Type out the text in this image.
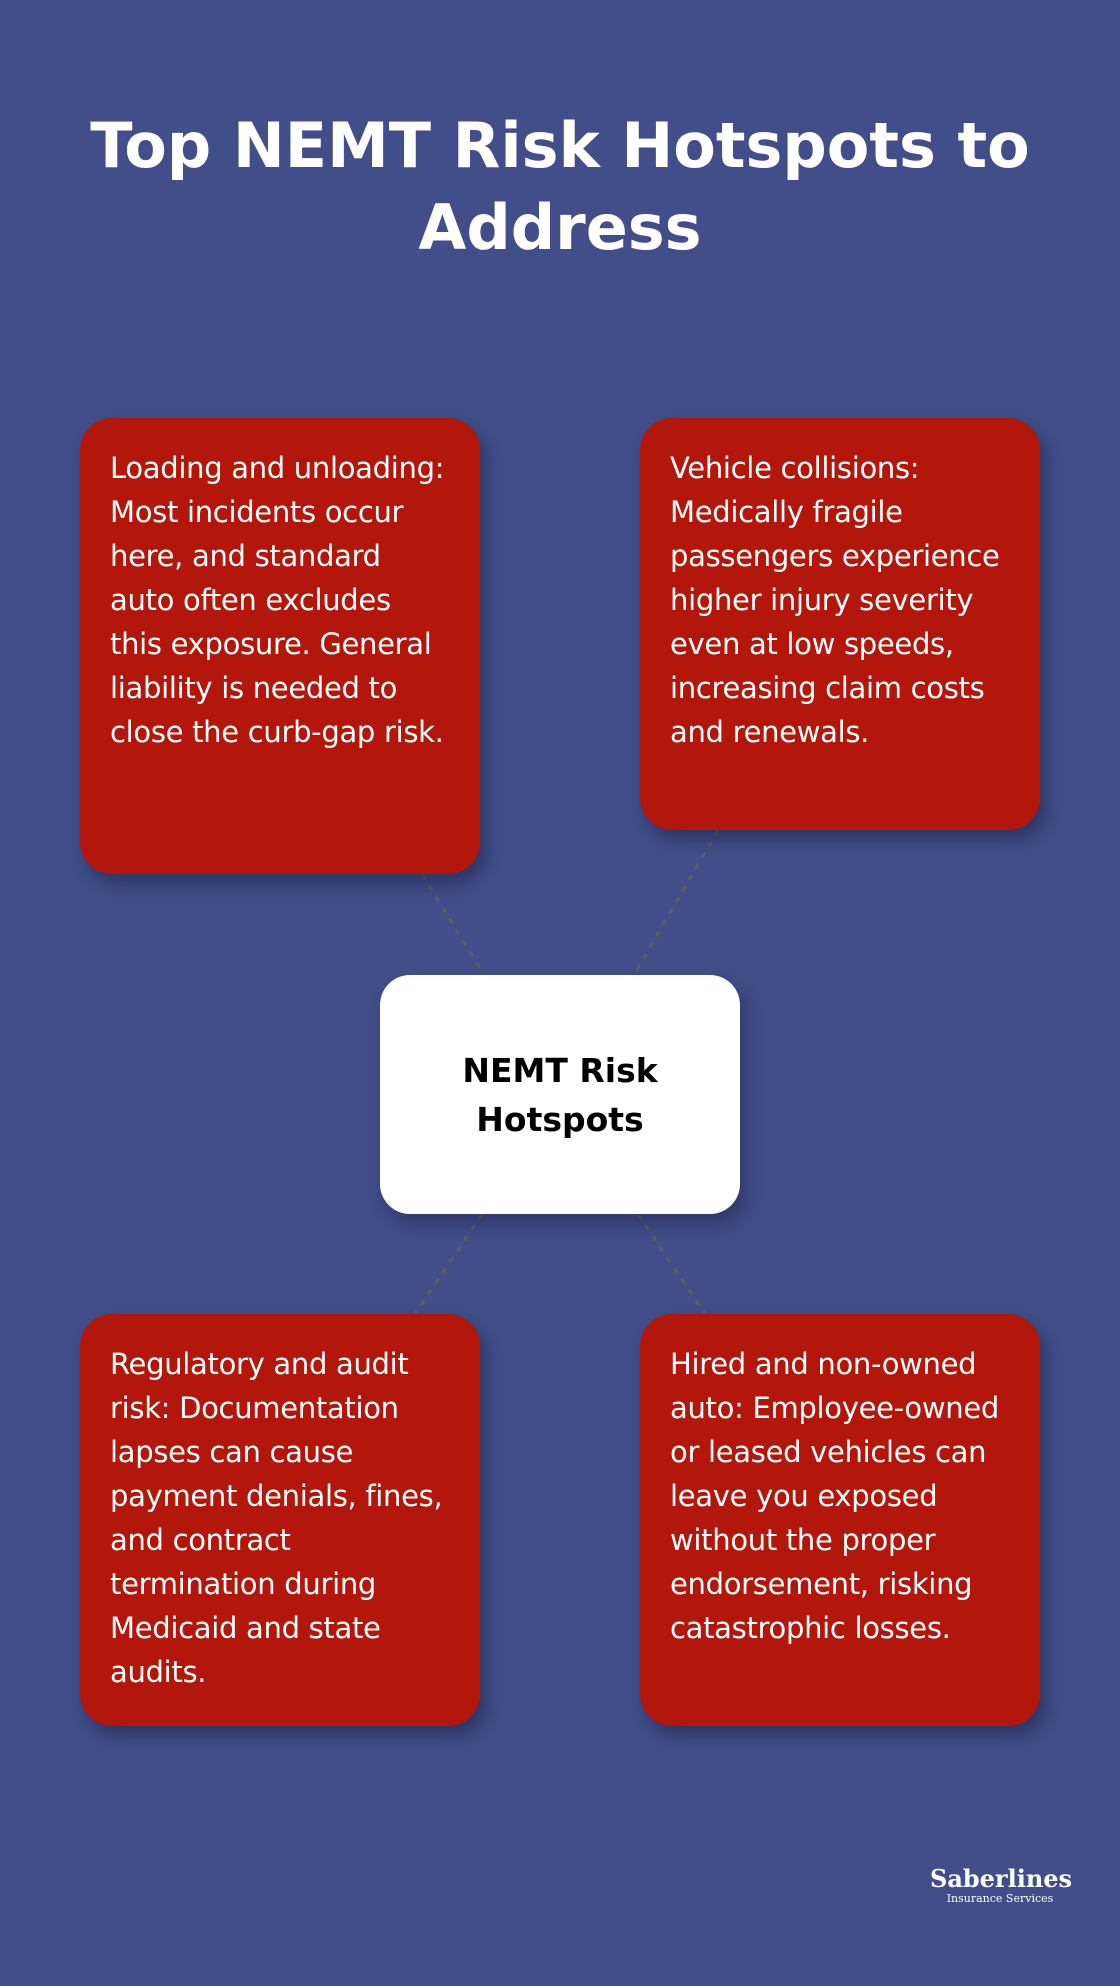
Top NEMT Risk Hotspots to Address

Loading and unloading: Most incidents occur here, and standard auto often excludes this exposure. General liability is needed to close the curb-gap risk.

Vehicle collisions: Medically fragile passengers experience higher injury severity even at low speeds, increasing claim costs and renewals.

NEMT Risk Hotspots

Regulatory and audit risk: Documentation lapses can cause payment denials, fines, and contract termination during Medicaid and state audits.

Hired and non-owned auto: Employee-owned or leased vehicles can leave you exposed without the proper endorsement, risking catastrophic losses.

Saberlines
Insurance Services
